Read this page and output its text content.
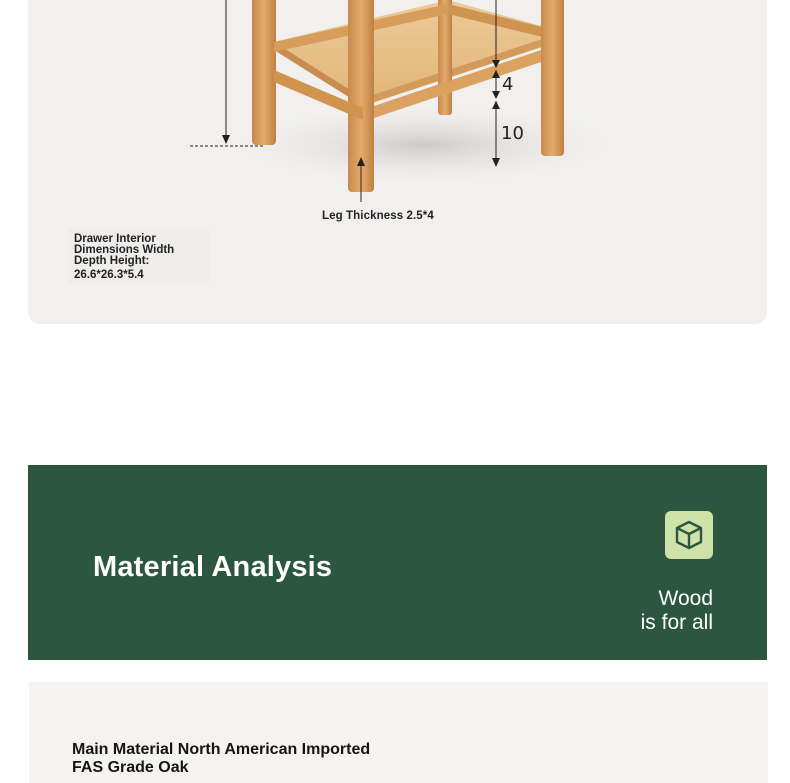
4
10
Leg Thickness 2.5*4
Drawer Interior
Dimensions Width
Depth Height:
26.6*26.3*5.4
Material Analysis
Wood
is for all
Main Material North American Imported
FAS Grade Oak
